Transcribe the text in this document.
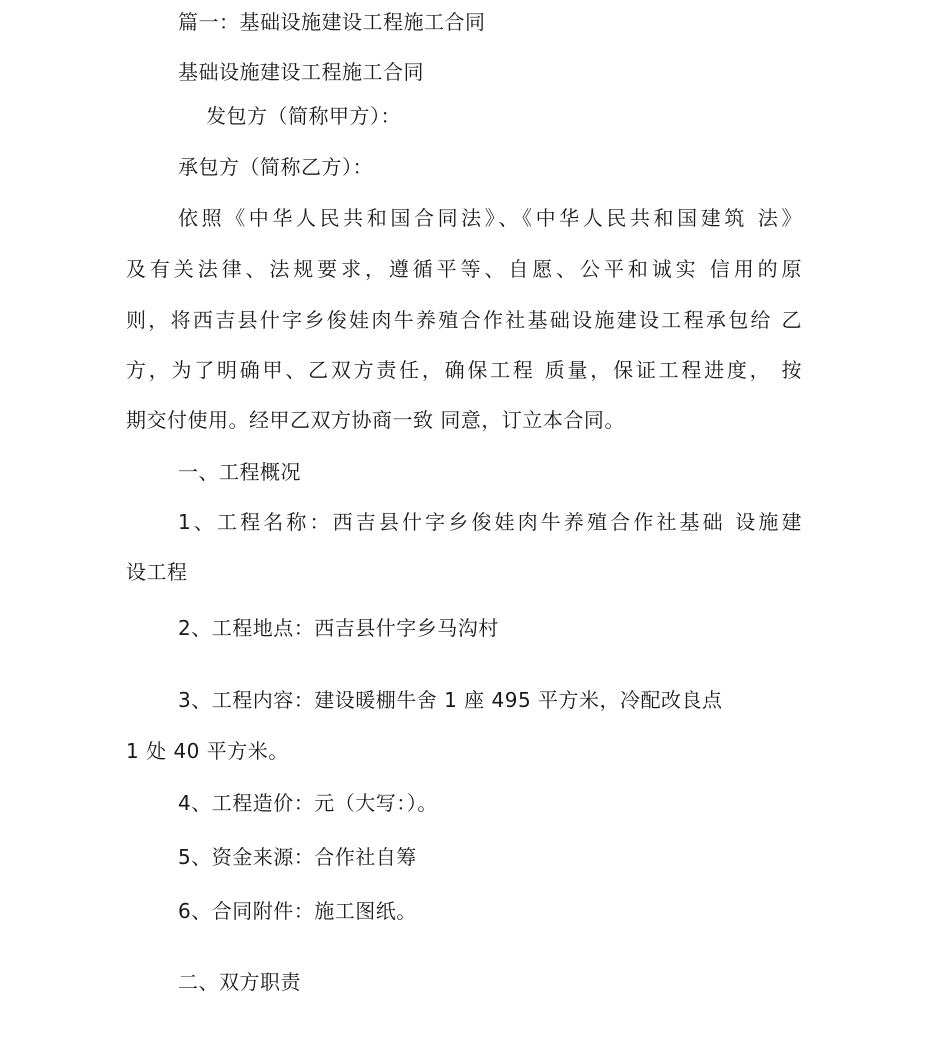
篇一：基础设施建设工程施工合同
基础设施建设工程施工合同
发包方（简称甲方）：
承包方（简称乙方）：
依照《中华人民共和国合同法》、《中华人民共和国建筑 法》
及有关法律、法规要求，遵循平等、自愿、公平和诚实 信用的原
则，将西吉县什字乡俊娃肉牛养殖合作社基础设施建设工程承包给 乙
方，为了明确甲、乙双方责任，确保工程 质量，保证工程进度， 按
期交付使用。经甲乙双方协商一致 同意，订立本合同。
一、工程概况
1、工程名称：西吉县什字乡俊娃肉牛养殖合作社基础 设施建
设工程
2、工程地点：西吉县什字乡马沟村
3、工程内容：建设暖棚牛舍 1 座 495 平方米，冷配改良点
1 处 40 平方米。
4、工程造价：元（大写：）。
5、资金来源：合作社自筹
6、合同附件：施工图纸。
二、双方职责
